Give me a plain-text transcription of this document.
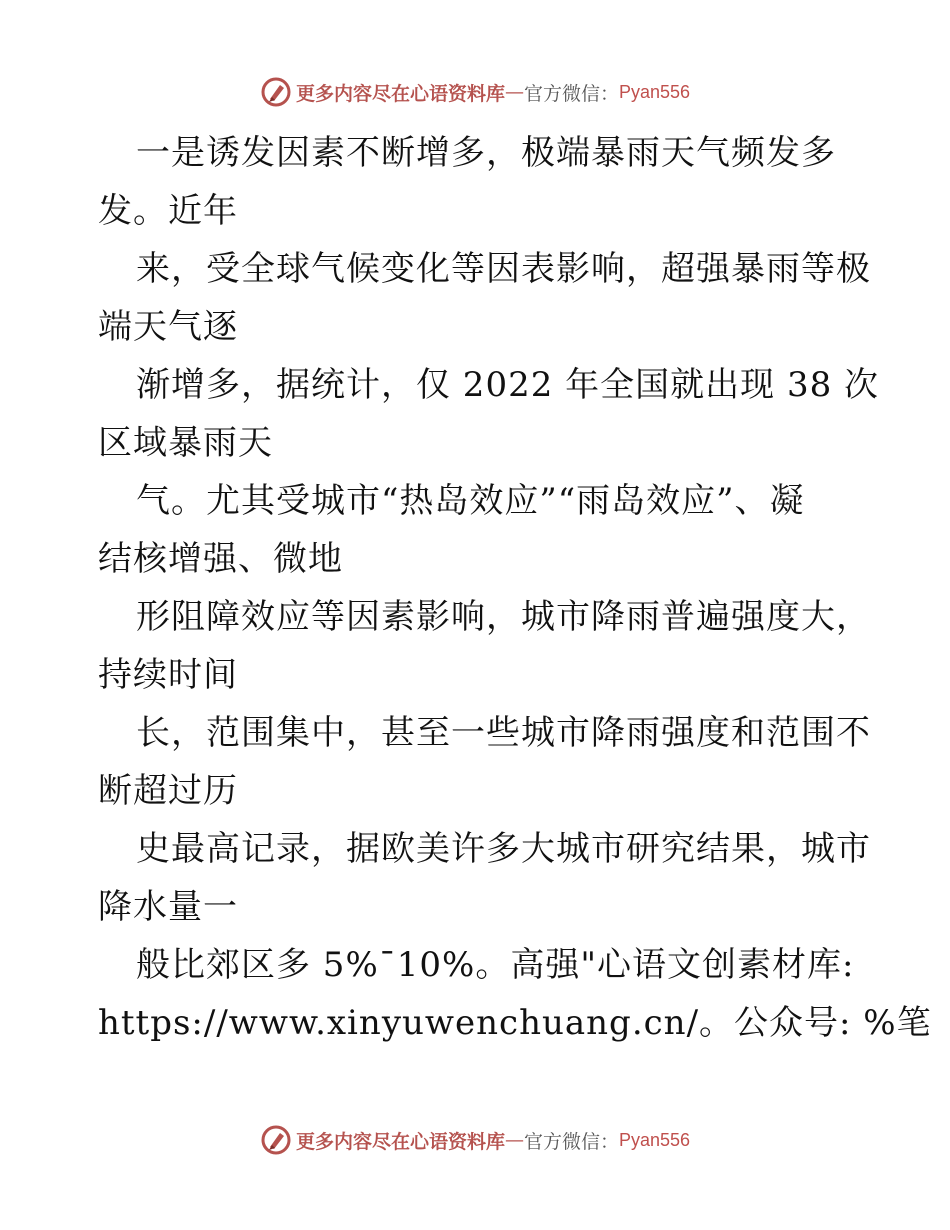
更多内容尽在心语资料库 — 官方微信： Pyan556
一是诱发因素不断增多，极端暴雨天气频发多
发。近年
来，受全球气候变化等因表影响，超强暴雨等极
端天气逐
渐增多，据统计，仅 2022 年全国就出现 38 次
区域暴雨天
气。尤其受城市“热岛效应”“雨岛效应”、凝
结核增强、微地
形阻障效应等因素影响，城市降雨普遍强度大，
持续时间
长，范围集中，甚至一些城市降雨强度和范围不
断超过历
史最高记录，据欧美许多大城市研究结果，城市
降水量一
般比郊区多 5%¯10%。高强"心语文创素材库:
https://www.xinyuwenchuang.cn/。公众号: %笔
更多内容尽在心语资料库 — 官方微信： Pyan556
